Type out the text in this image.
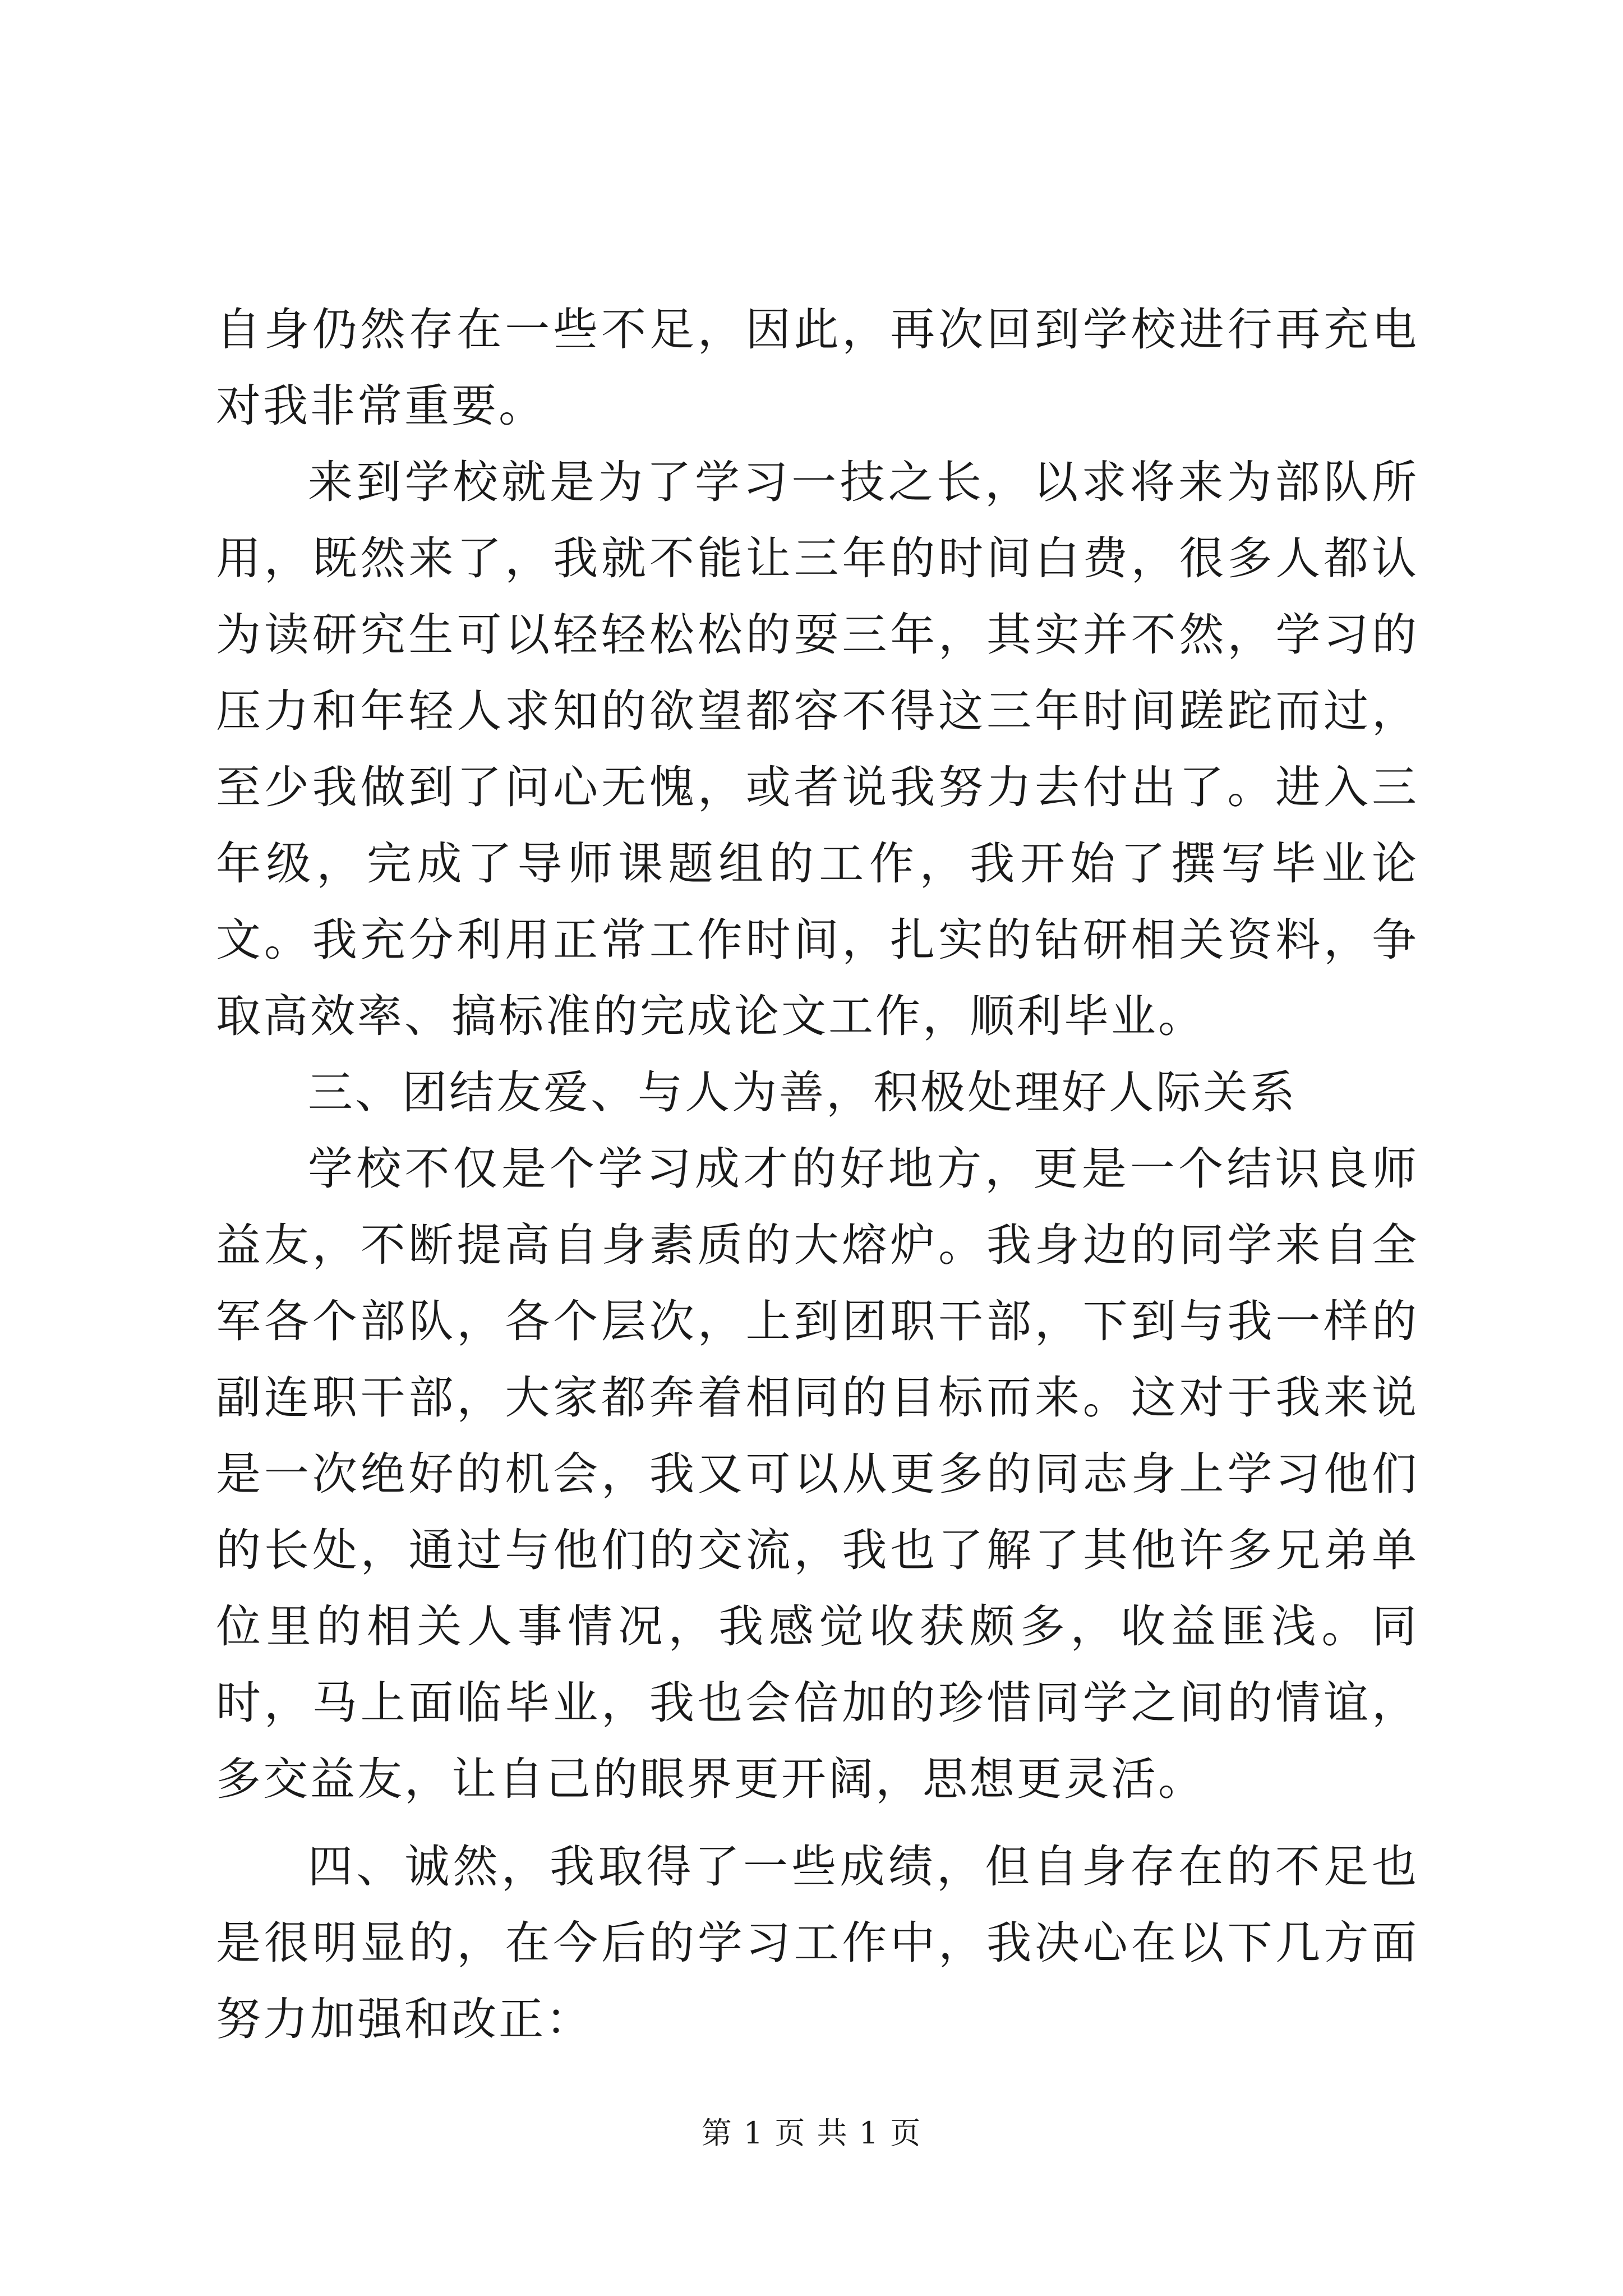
自身仍然存在一些不足，因此，再次回到学校进行再充电对我非常重要。

来到学校就是为了学习一技之长，以求将来为部队所用，既然来了，我就不能让三年的时间白费，很多人都认为读研究生可以轻轻松松的耍三年，其实并不然，学习的压力和年轻人求知的欲望都容不得这三年时间蹉跎而过，至少我做到了问心无愧，或者说我努力去付出了。进入三年级，完成了导师课题组的工作，我开始了撰写毕业论文。我充分利用正常工作时间，扎实的钻研相关资料，争取高效率、搞标准的完成论文工作，顺利毕业。

三、团结友爱、与人为善，积极处理好人际关系

学校不仅是个学习成才的好地方，更是一个结识良师益友，不断提高自身素质的大熔炉。我身边的同学来自全军各个部队，各个层次，上到团职干部，下到与我一样的副连职干部，大家都奔着相同的目标而来。这对于我来说是一次绝好的机会，我又可以从更多的同志身上学习他们的长处，通过与他们的交流，我也了解了其他许多兄弟单位里的相关人事情况，我感觉收获颇多，收益匪浅。同时，马上面临毕业，我也会倍加的珍惜同学之间的情谊，多交益友，让自己的眼界更开阔，思想更灵活。

四、诚然，我取得了一些成绩，但自身存在的不足也是很明显的，在今后的学习工作中，我决心在以下几方面努力加强和改正：

第 1 页 共 1 页
